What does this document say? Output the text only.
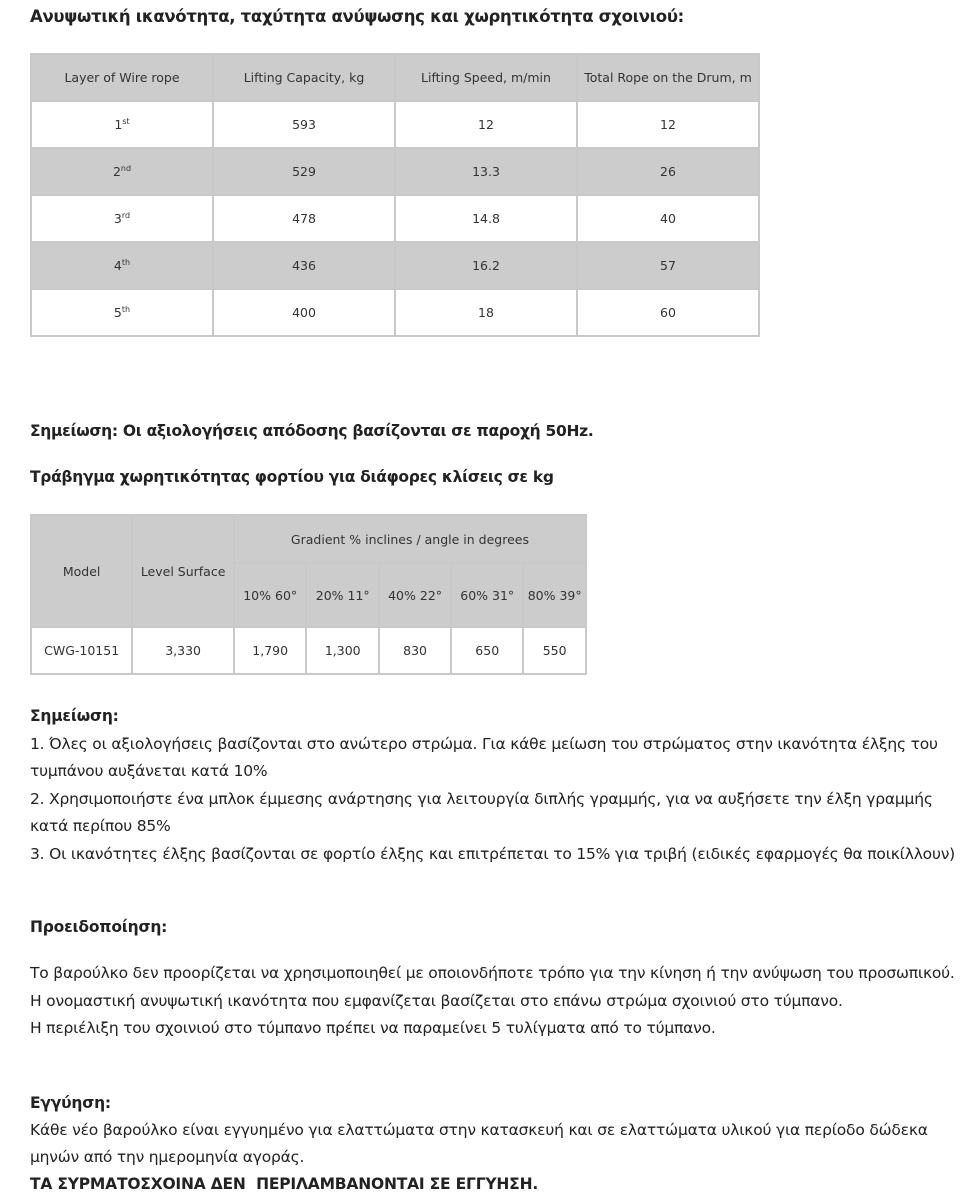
Ανυψωτική ικανότητα, ταχύτητα ανύψωσης και χωρητικότητα σχοινιού:
Layer of Wire rope	Lifting Capacity, kg	Lifting Speed, m/min	Total Rope on the Drum, m
1st	593	12	12
2nd	529	13.3	26
3rd	478	14.8	40
4th	436	16.2	57
5th	400	18	60
Σημείωση: Οι αξιολογήσεις απόδοσης βασίζονται σε παροχή 50Hz.
Τράβηγμα χωρητικότητας φορτίου για διάφορες κλίσεις σε kg
Model	Level Surface	Gradient % inclines / angle in degrees				
		10% 60°	20% 11°	40% 22°	60% 31°	80% 39°
CWG-10151	3,330	1,790	1,300	830	650	550
Σημείωση:
1. Όλες οι αξιολογήσεις βασίζονται στο ανώτερο στρώμα. Για κάθε μείωση του στρώματος στην ικανότητα έλξης του τυμπάνου αυξάνεται κατά 10%
2. Χρησιμοποιήστε ένα μπλοκ έμμεσης ανάρτησης για λειτουργία διπλής γραμμής, για να αυξήσετε την έλξη γραμμής κατά περίπου 85%
3. Οι ικανότητες έλξης βασίζονται σε φορτίο έλξης και επιτρέπεται το 15% για τριβή (ειδικές εφαρμογές θα ποικίλλουν)
Προειδοποίηση:
Το βαρούλκο δεν προορίζεται να χρησιμοποιηθεί με οποιονδήποτε τρόπο για την κίνηση ή την ανύψωση του προσωπικού.
Η ονομαστική ανυψωτική ικανότητα που εμφανίζεται βασίζεται στο επάνω στρώμα σχοινιού στο τύμπανο.
Η περιέλιξη του σχοινιού στο τύμπανο πρέπει να παραμείνει 5 τυλίγματα από το τύμπανο.
Εγγύηση:
Κάθε νέο βαρούλκο είναι εγγυημένο για ελαττώματα στην κατασκευή και σε ελαττώματα υλικού για περίοδο δώδεκα μηνών από την ημερομηνία αγοράς.
ΤΑ ΣΥΡΜΑΤΟΣΧΟΙΝΑ ΔΕΝ  ΠΕΡΙΛΑΜΒΑΝΟΝΤΑΙ ΣΕ ΕΓΓΥΗΣΗ.
